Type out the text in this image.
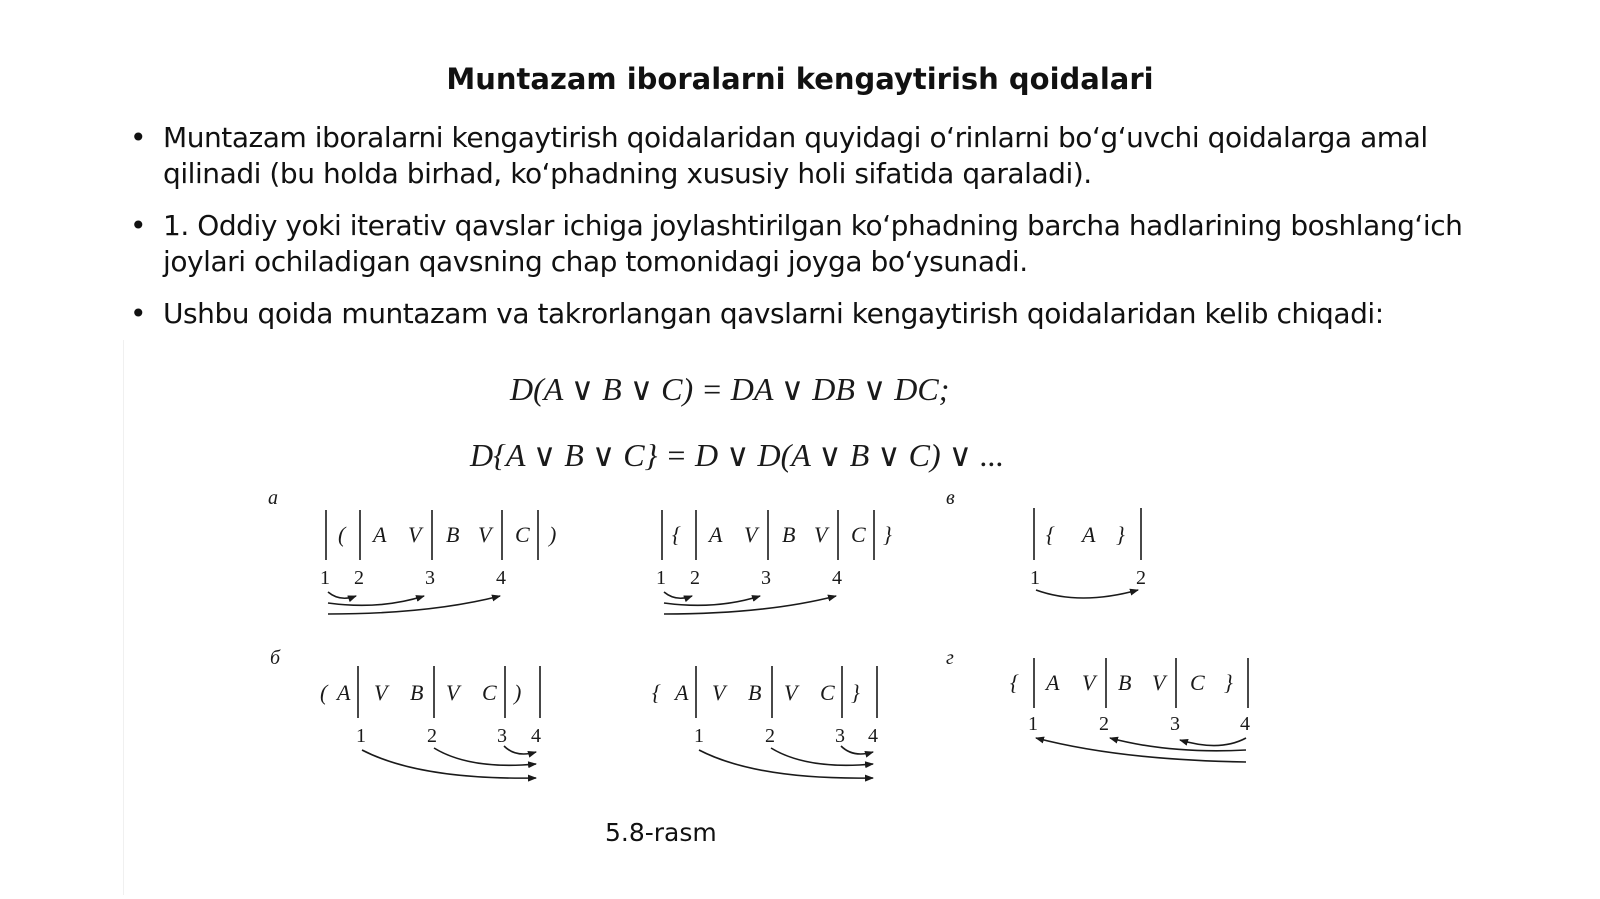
Muntazam iboralarni kengaytirish qoidalari
• Muntazam iboralarni kengaytirish qoidalaridan quyidagi o‘rinlarni bo‘g‘uvchi qoidalarga amal qilinadi (bu holda birhad, ko‘phadning xususiy holi sifatida qaraladi).
• 1. Oddiy yoki iterativ qavslar ichiga joylashtirilgan ko‘phadning barcha hadlarining boshlang‘ich joylari ochiladigan qavsning chap tomonidagi joyga bo‘ysunadi.
• Ushbu qoida muntazam va takrorlangan qavslarni kengaytirish qoidalaridan kelib chiqadi:
D(A ∨ B ∨ C) = DA ∨ DB ∨ DC;
D{A ∨ B ∨ C} = D ∨ D(A ∨ B ∨ C) ∨ ...
а
б
в
г
( A V B V C )
1 2	3	4
{ A V B V C }
1 2	3	4
{ A }
1	2
( A V B V C )
1	2	3 4
{ A V B V C }
1	2	3 4
{ A V B V C }
1	2	3	4
5.8-rasm
